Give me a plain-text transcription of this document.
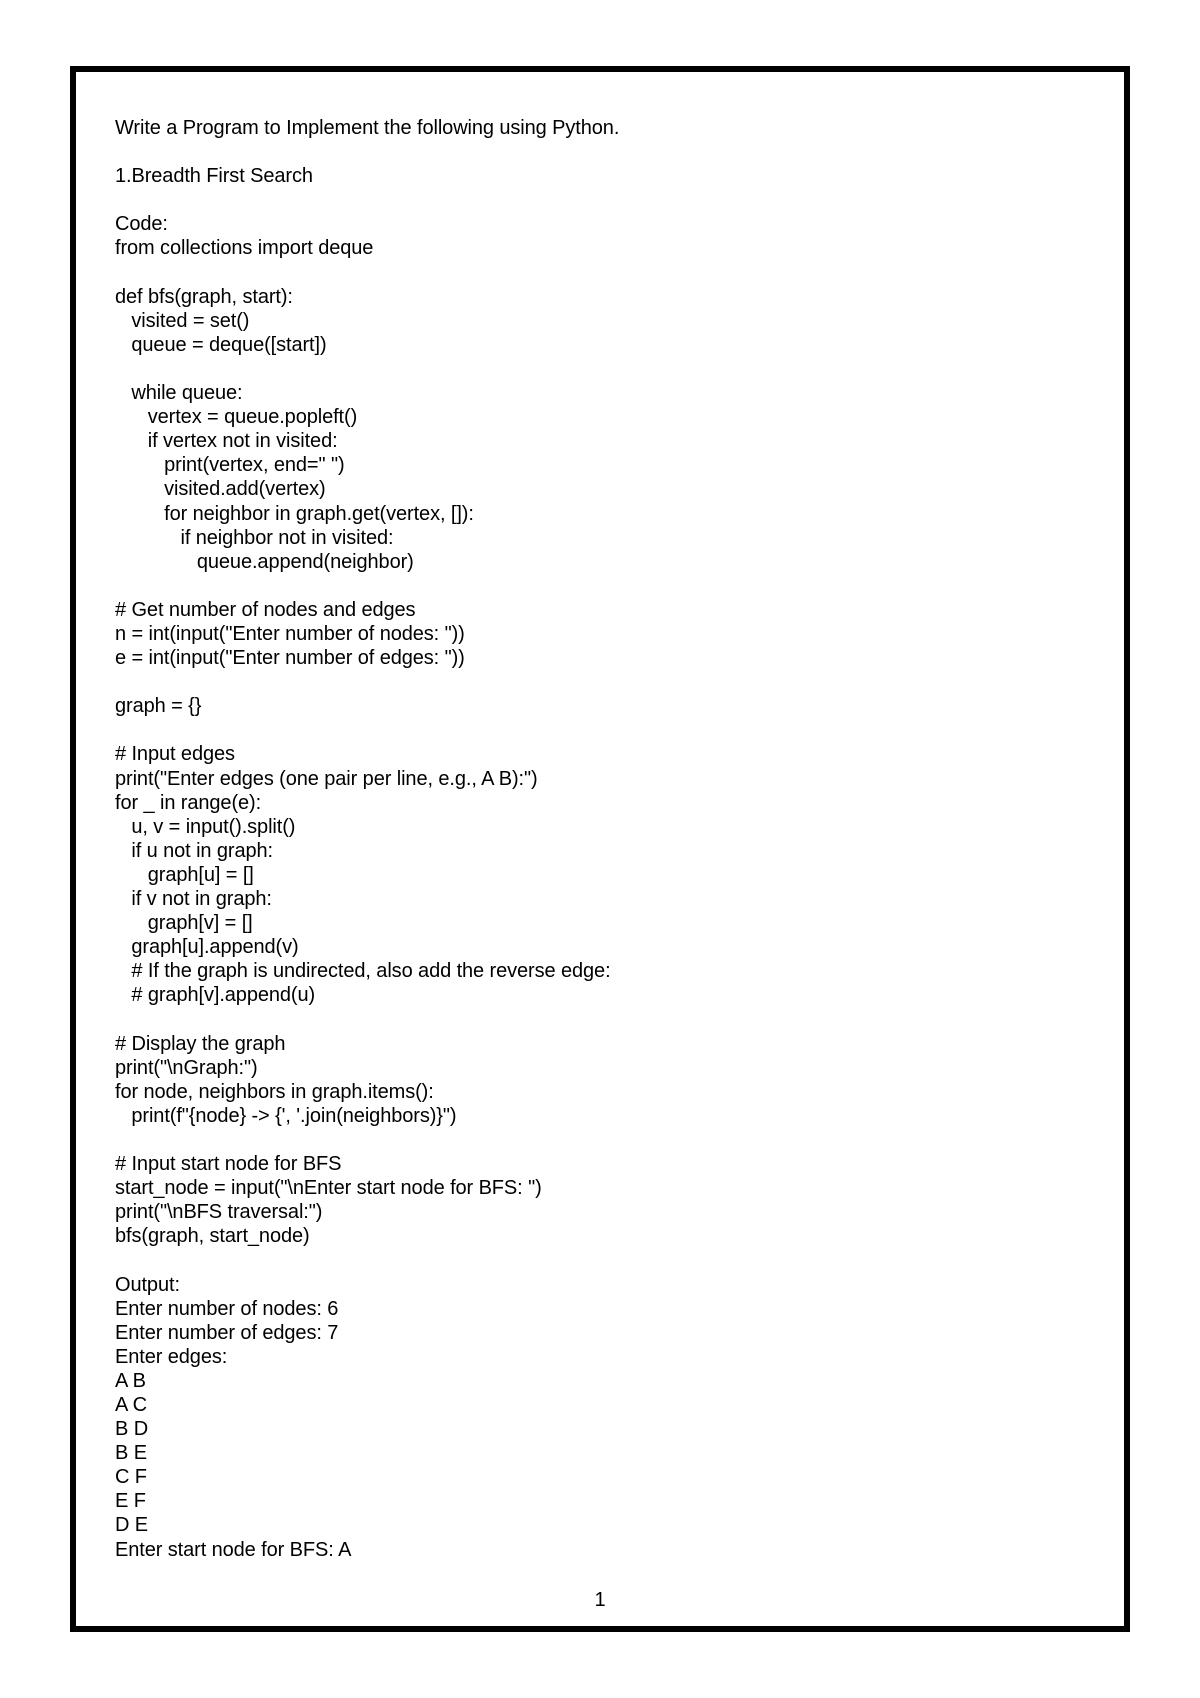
Write a Program to Implement the following using Python.
1.Breadth First Search
Code:
from collections import deque
def bfs(graph, start):
visited = set()
queue = deque([start])
while queue:
vertex = queue.popleft()
if vertex not in visited:
print(vertex, end=" ")
visited.add(vertex)
for neighbor in graph.get(vertex, []):
if neighbor not in visited:
queue.append(neighbor)
# Get number of nodes and edges
n = int(input("Enter number of nodes: "))
e = int(input("Enter number of edges: "))
graph = {}
# Input edges
print("Enter edges (one pair per line, e.g., A B):")
for _ in range(e):
u, v = input().split()
if u not in graph:
graph[u] = []
if v not in graph:
graph[v] = []
graph[u].append(v)
# If the graph is undirected, also add the reverse edge:
# graph[v].append(u)
# Display the graph
print("\nGraph:")
for node, neighbors in graph.items():
print(f"{node} -> {', '.join(neighbors)}")
# Input start node for BFS
start_node = input("\nEnter start node for BFS: ")
print("\nBFS traversal:")
bfs(graph, start_node)
Output:
Enter number of nodes: 6
Enter number of edges: 7
Enter edges:
A B
A C
B D
B E
C F
E F
D E
Enter start node for BFS: A
1
